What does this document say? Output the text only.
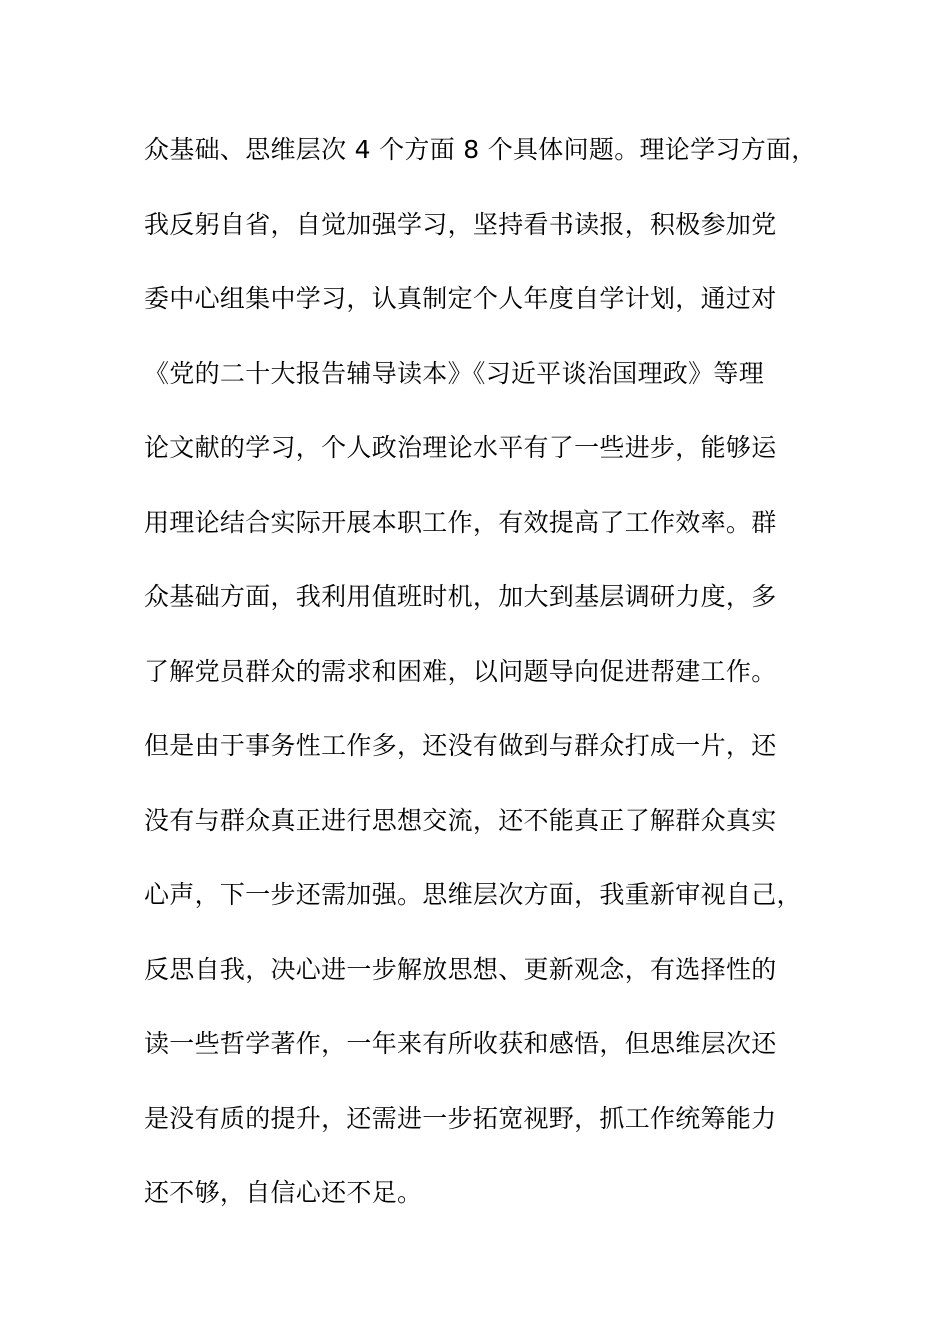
众基础、思维层次 4 个方面 8 个具体问题。理论学习方面，
我反躬自省，自觉加强学习，坚持看书读报，积极参加党
委中心组集中学习，认真制定个人年度自学计划，通过对
《党的二十大报告辅导读本》《习近平谈治国理政》等理
论文献的学习，个人政治理论水平有了一些进步，能够运
用理论结合实际开展本职工作，有效提高了工作效率。群
众基础方面，我利用值班时机，加大到基层调研力度，多
了解党员群众的需求和困难，以问题导向促进帮建工作。
但是由于事务性工作多，还没有做到与群众打成一片，还
没有与群众真正进行思想交流，还不能真正了解群众真实
心声，下一步还需加强。思维层次方面，我重新审视自己，
反思自我，决心进一步解放思想、更新观念，有选择性的
读一些哲学著作，一年来有所收获和感悟，但思维层次还
是没有质的提升，还需进一步拓宽视野，抓工作统筹能力
还不够，自信心还不足。
